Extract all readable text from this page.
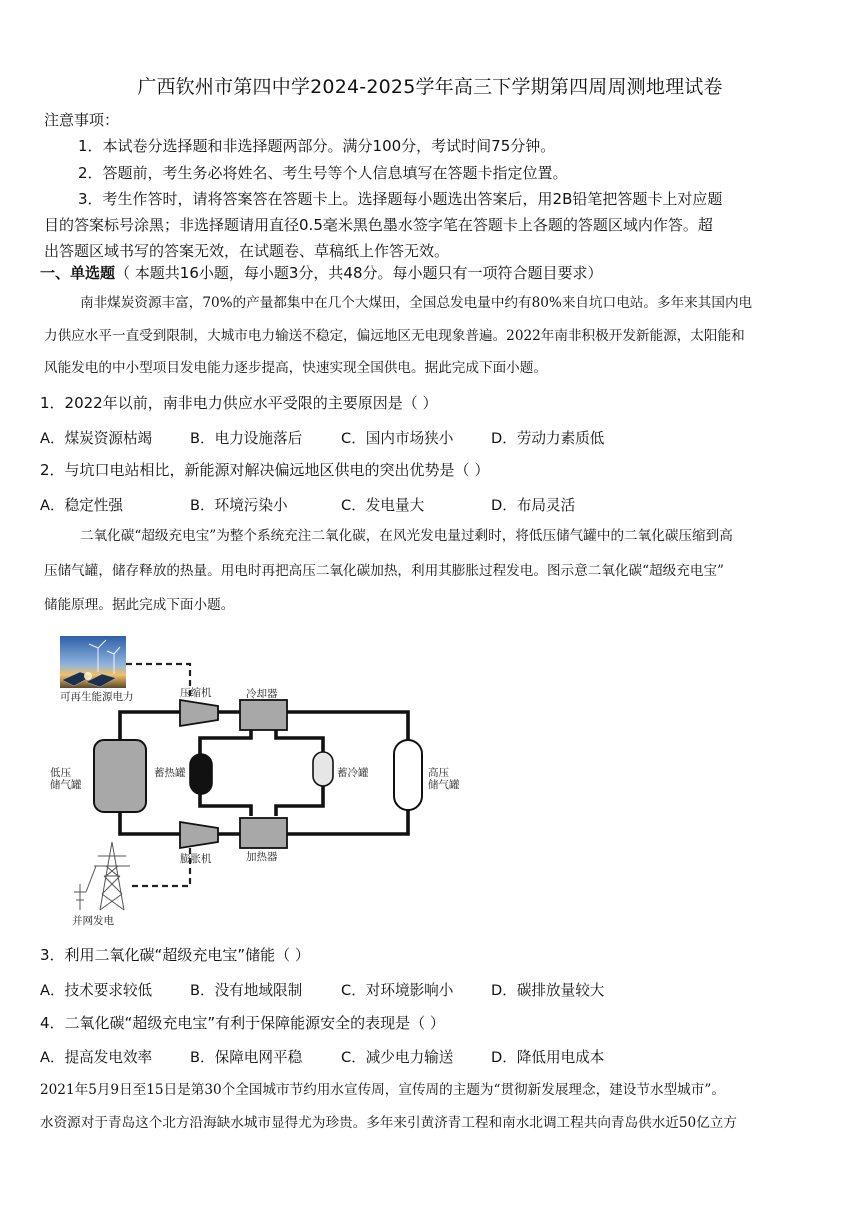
广西钦州市第四中学2024-2025学年高三下学期第四周周测地理试卷
注意事项：
1．本试卷分选择题和非选择题两部分。满分100分，考试时间75分钟。
2．答题前，考生务必将姓名、考生号等个人信息填写在答题卡指定位置。
3．考生作答时，请将答案答在答题卡上。选择题每小题选出答案后，用2B铅笔把答题卡上对应题
目的答案标号涂黑；非选择题请用直径0.5毫米黑色墨水签字笔在答题卡上各题的答题区域内作答。超
出答题区域书写的答案无效，在试题卷、草稿纸上作答无效。
一、单选题（ 本题共16小题，每小题3分，共48分。每小题只有一项符合题目要求）
南非煤炭资源丰富，70%的产量都集中在几个大煤田，全国总发电量中约有80%来自坑口电站。多年来其国内电
力供应水平一直受到限制，大城市电力输送不稳定，偏远地区无电现象普遍。2022年南非积极开发新能源，太阳能和
风能发电的中小型项目发电能力逐步提高，快速实现全国供电。据此完成下面小题。
1．2022年以前，南非电力供应水平受限的主要原因是（ ）
A．煤炭资源枯竭	B．电力设施落后	C．国内市场狭小	D．劳动力素质低
2．与坑口电站相比，新能源对解决偏远地区供电的突出优势是（ ）
A．稳定性强	B．环境污染小	C．发电量大	D．布局灵活
二氧化碳“超级充电宝”为整个系统充注二氧化碳，在风光发电量过剩时，将低压储气罐中的二氧化碳压缩到高
压储气罐，储存释放的热量。用电时再把高压二氧化碳加热，利用其膨胀过程发电。图示意二氧化碳“超级充电宝”
储能原理。据此完成下面小题。
可再生能源电力
低压
储气罐
高压
储气罐
压缩机	冷却器
蓄热罐	蓄冷罐
膨胀机	加热器
并网发电
3．利用二氧化碳“超级充电宝”储能（ ）
A．技术要求较低	B．没有地域限制	C．对环境影响小	D．碳排放量较大
4．二氧化碳“超级充电宝”有利于保障能源安全的表现是（ ）
A．提高发电效率	B．保障电网平稳	C．减少电力输送	D．降低用电成本
2021年5月9日至15日是第30个全国城市节约用水宣传周，宣传周的主题为“贯彻新发展理念，建设节水型城市”。
水资源对于青岛这个北方沿海缺水城市显得尤为珍贵。多年来引黄济青工程和南水北调工程共向青岛供水近50亿立方
